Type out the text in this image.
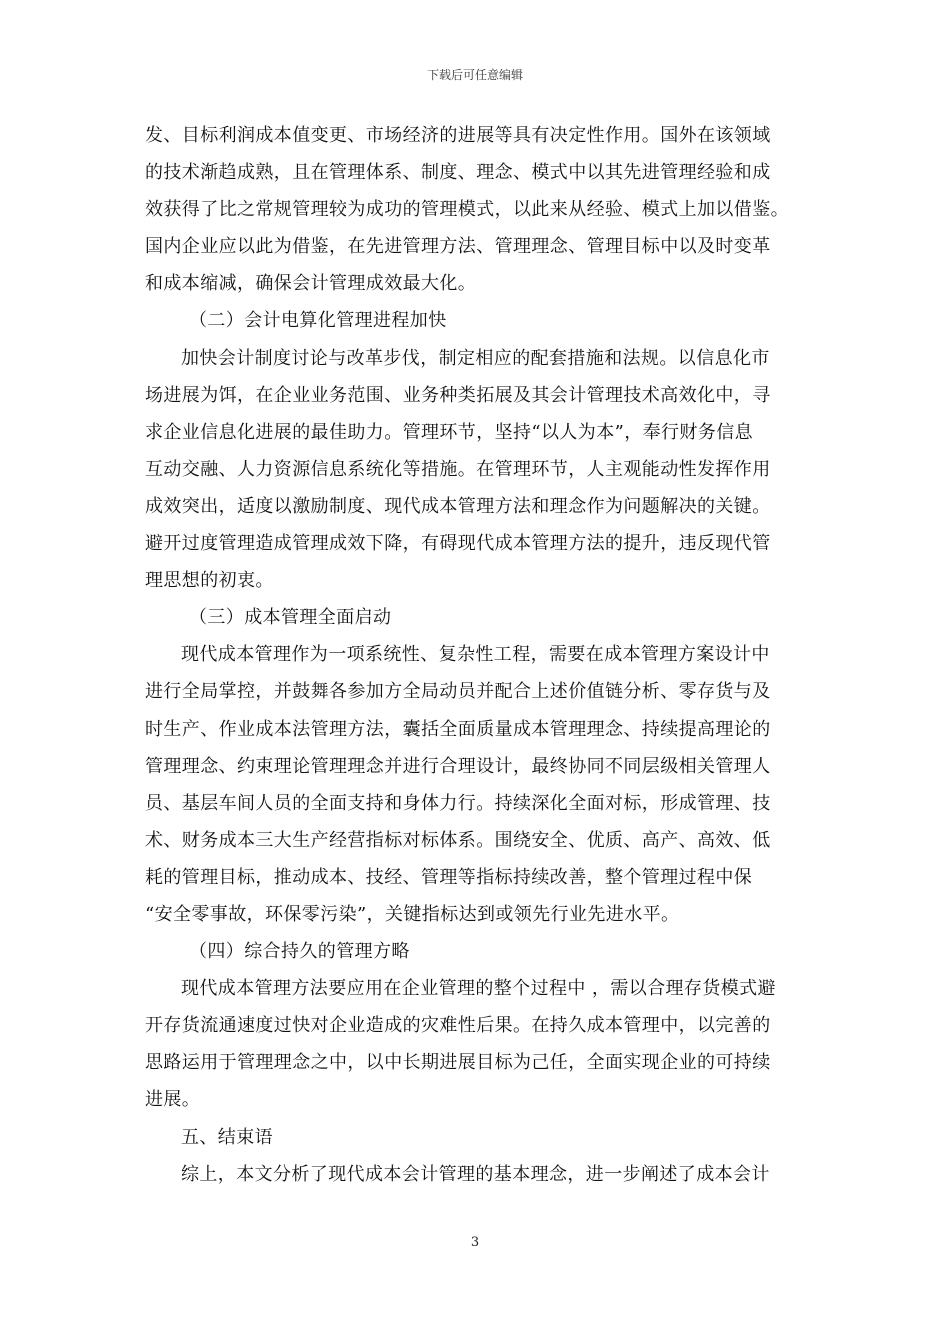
下载后可任意编辑
发、目标利润成本值变更、市场经济的进展等具有决定性作用。国外在该领域
的技术渐趋成熟，且在管理体系、制度、理念、模式中以其先进管理经验和成
效获得了比之常规管理较为成功的管理模式，以此来从经验、模式上加以借鉴。
国内企业应以此为借鉴，在先进管理方法、管理理念、管理目标中以及时变革
和成本缩减，确保会计管理成效最大化。
（二）会计电算化管理进程加快
加快会计制度讨论与改革步伐，制定相应的配套措施和法规。以信息化市
场进展为饵，在企业业务范围、业务种类拓展及其会计管理技术高效化中，寻
求企业信息化进展的最佳助力。管理环节，坚持“以人为本”，奉行财务信息
互动交融、人力资源信息系统化等措施。在管理环节，人主观能动性发挥作用
成效突出，适度以激励制度、现代成本管理方法和理念作为问题解决的关键。
避开过度管理造成管理成效下降，有碍现代成本管理方法的提升，违反现代管
理思想的初衷。
（三）成本管理全面启动
现代成本管理作为一项系统性、复杂性工程，需要在成本管理方案设计中
进行全局掌控，并鼓舞各参加方全局动员并配合上述价值链分析、零存货与及
时生产、作业成本法管理方法，囊括全面质量成本管理理念、持续提高理论的
管理理念、约束理论管理理念并进行合理设计，最终协同不同层级相关管理人
员、基层车间人员的全面支持和身体力行。持续深化全面对标，形成管理、技
术、财务成本三大生产经营指标对标体系。围绕安全、优质、高产、高效、低
耗的管理目标，推动成本、技经、管理等指标持续改善，整个管理过程中保
“安全零事故，环保零污染”，关键指标达到或领先行业先进水平。
（四）综合持久的管理方略
现代成本管理方法要应用在企业管理的整个过程中 ，需以合理存货模式避
开存货流通速度过快对企业造成的灾难性后果。在持久成本管理中，以完善的
思路运用于管理理念之中，以中长期进展目标为己任，全面实现企业的可持续
进展。
五、结束语
综上，本文分析了现代成本会计管理的基本理念，进一步阐述了成本会计
3
